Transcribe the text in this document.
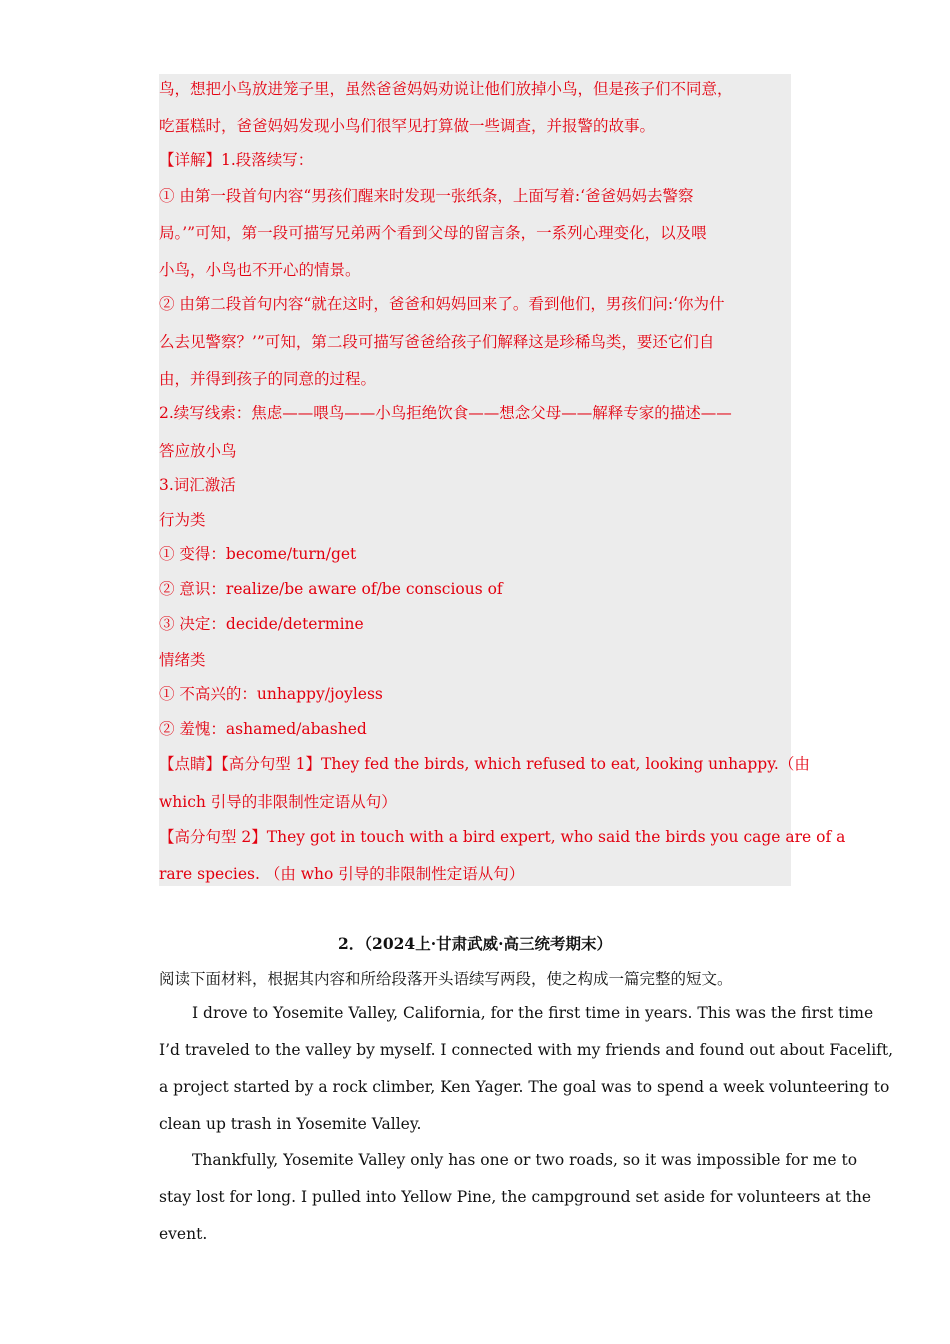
鸟，想把小鸟放进笼子里，虽然爸爸妈妈劝说让他们放掉小鸟，但是孩子们不同意，
吃蛋糕时，爸爸妈妈发现小鸟们很罕见打算做一些调查，并报警的故事。
【详解】1.段落续写：
① 由第一段首句内容“男孩们醒来时发现一张纸条，上面写着:‘爸爸妈妈去警察
局。’”可知，第一段可描写兄弟两个看到父母的留言条，一系列心理变化，以及喂
小鸟，小鸟也不开心的情景。
② 由第二段首句内容“就在这时，爸爸和妈妈回来了。看到他们，男孩们问:‘你为什
么去见警察？’”可知，第二段可描写爸爸给孩子们解释这是珍稀鸟类，要还它们自
由，并得到孩子的同意的过程。
2.续写线索：焦虑——喂鸟——小鸟拒绝饮食——想念父母——解释专家的描述——
答应放小鸟
3.词汇激活
行为类
① 变得：become/turn/get
② 意识：realize/be aware of/be conscious of
③ 决定：decide/determine
情绪类
① 不高兴的：unhappy/joyless
② 羞愧：ashamed/abashed
【点睛】【高分句型 1】They fed the birds, which refused to eat, looking unhappy.（由
which 引导的非限制性定语从句）
【高分句型 2】They got in touch with a bird expert, who said the birds you cage are of a
rare species. （由 who 引导的非限制性定语从句）
2．（2024上·甘肃武威·高三统考期末）
阅读下面材料，根据其内容和所给段落开头语续写两段，使之构成一篇完整的短文。
I drove to Yosemite Valley, California, for the first time in years. This was the first time
I’d traveled to the valley by myself. I connected with my friends and found out about Facelift,
a project started by a rock climber, Ken Yager. The goal was to spend a week volunteering to
clean up trash in Yosemite Valley.
Thankfully, Yosemite Valley only has one or two roads, so it was impossible for me to
stay lost for long. I pulled into Yellow Pine, the campground set aside for volunteers at the
event.
